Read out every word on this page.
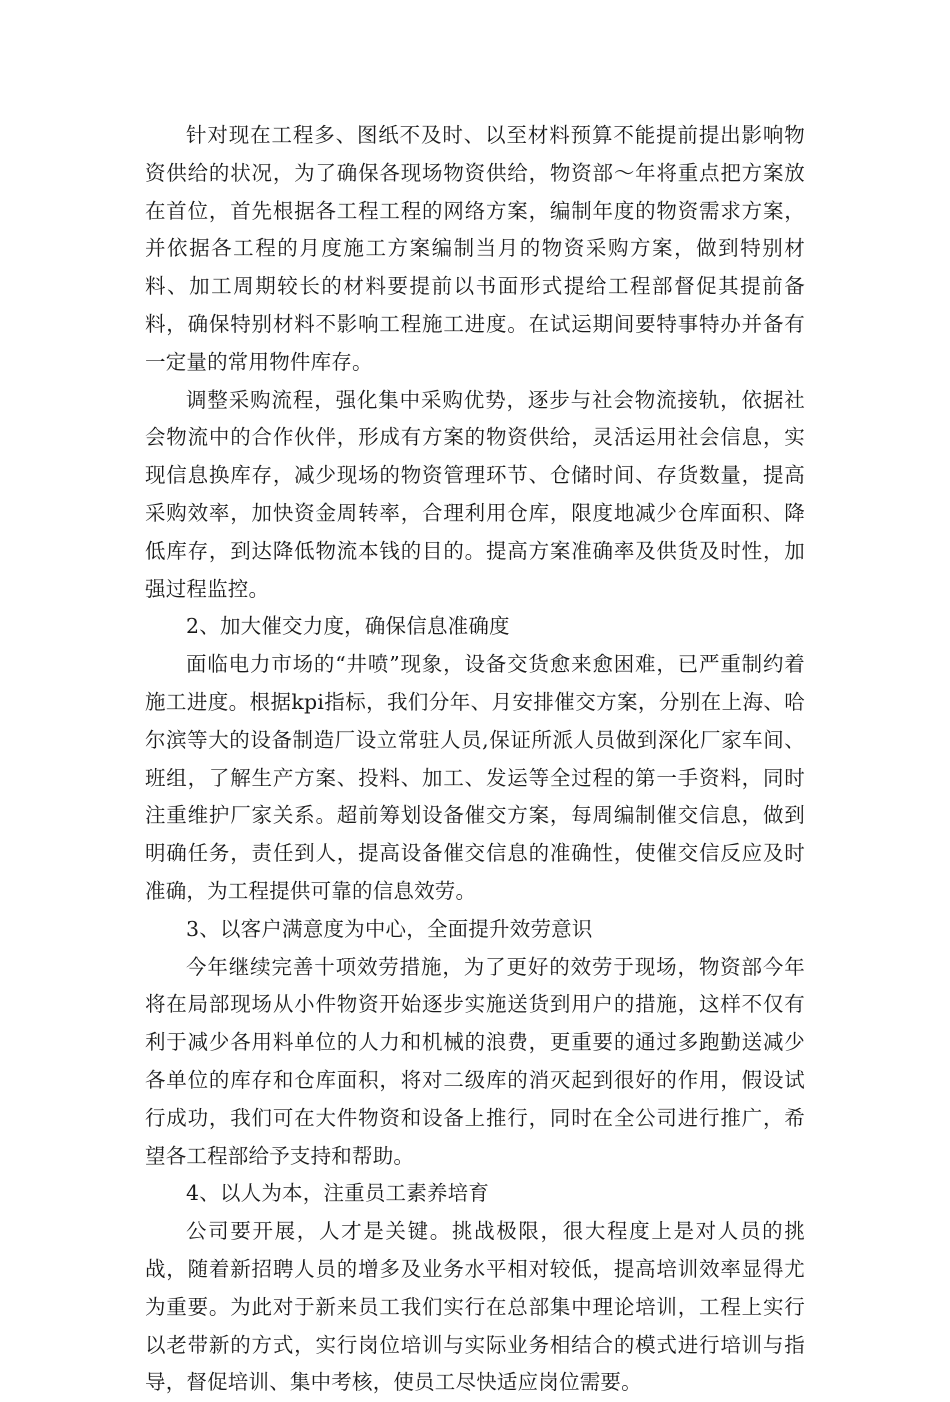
针对现在工程多、图纸不及时、以至材料预算不能提前提出影响物资供给的状况，为了确保各现场物资供给，物资部～年将重点把方案放在首位，首先根据各工程工程的网络方案，编制年度的物资需求方案，并依据各工程的月度施工方案编制当月的物资采购方案，做到特别材料、加工周期较长的材料要提前以书面形式提给工程部督促其提前备料，确保特别材料不影响工程施工进度。在试运期间要特事特办并备有一定量的常用物件库存。

调整采购流程，强化集中采购优势，逐步与社会物流接轨，依据社会物流中的合作伙伴，形成有方案的物资供给，灵活运用社会信息，实现信息换库存，减少现场的物资管理环节、仓储时间、存货数量，提高采购效率，加快资金周转率，合理利用仓库，限度地减少仓库面积、降低库存，到达降低物流本钱的目的。提高方案准确率及供货及时性，加强过程监控。

2、加大催交力度，确保信息准确度

面临电力市场的“井喷”现象，设备交货愈来愈困难，已严重制约着施工进度。根据kpi指标，我们分年、月安排催交方案，分别在上海、哈尔滨等大的设备制造厂设立常驻人员,保证所派人员做到深化厂家车间、班组，了解生产方案、投料、加工、发运等全过程的第一手资料，同时注重维护厂家关系。超前筹划设备催交方案，每周编制催交信息，做到明确任务，责任到人，提高设备催交信息的准确性，使催交信反应及时准确，为工程提供可靠的信息效劳。

3、以客户满意度为中心，全面提升效劳意识

今年继续完善十项效劳措施，为了更好的效劳于现场，物资部今年将在局部现场从小件物资开始逐步实施送货到用户的措施，这样不仅有利于减少各用料单位的人力和机械的浪费，更重要的通过多跑勤送减少各单位的库存和仓库面积，将对二级库的消灭起到很好的作用，假设试行成功，我们可在大件物资和设备上推行，同时在全公司进行推广，希望各工程部给予支持和帮助。

4、以人为本，注重员工素养培育

公司要开展，人才是关键。挑战极限，很大程度上是对人员的挑战，随着新招聘人员的增多及业务水平相对较低，提高培训效率显得尤为重要。为此对于新来员工我们实行在总部集中理论培训，工程上实行以老带新的方式，实行岗位培训与实际业务相结合的模式进行培训与指导，督促培训、集中考核，使员工尽快适应岗位需要。
